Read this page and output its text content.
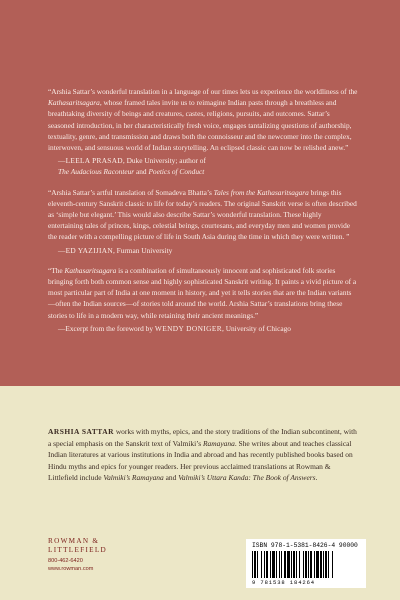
“Arshia Sattar’s wonderful translation in a language of our times lets us experience the worldliness of the Kathasaritsagara, whose framed tales invite us to reimagine Indian pasts through a breathless and breathtaking diversity of beings and creatures, castes, religions, pursuits, and outcomes. Sattar’s seasoned introduction, in her characteristically fresh voice, engages tantalizing questions of authorship, textuality, genre, and transmission and draws both the connoisseur and the newcomer into the complex, interwoven, and sensuous world of Indian storytelling. An eclipsed classic can now be relished anew.”

—LEELA PRASAD, Duke University; author of
The Audacious Raconteur and Poetics of Conduct

“Arshia Sattar’s artful translation of Somadeva Bhatta’s Tales from the Kathasaritsagara brings this eleventh-century Sanskrit classic to life for today’s readers. The original Sanskrit verse is often described as ‘simple but elegant.’ This would also describe Sattar’s wonderful translation. These highly entertaining tales of princes, kings, celestial beings, courtesans, and everyday men and women provide the reader with a compelling picture of life in South Asia during the time in which they were written. ”

—ED YAZIJIAN, Furman University

“The Kathasaritsagara is a combination of simultaneously innocent and sophisticated folk stories bringing forth both common sense and highly sophisticated Sanskrit writing. It paints a vivid picture of a most particular part of India at one moment in history, and yet it tells stories that are the Indian variants—often the Indian sources—of stories told around the world. Arshia Sattar’s translations bring these stories to life in a modern way, while retaining their ancient meanings.”

—Excerpt from the foreword by WENDY DONIGER, University of Chicago

ARSHIA SATTAR works with myths, epics, and the story traditions of the Indian subcontinent, with a special emphasis on the Sanskrit text of Valmiki’s Ramayana. She writes about and teaches classical Indian literatures at various institutions in India and abroad and has recently published books based on Hindu myths and epics for younger readers. Her previous acclaimed translations at Rowman & Littlefield include Valmiki’s Ramayana and Valmiki’s Uttara Kanda: The Book of Answers.

ROWMAN &
LITTLEFIELD
800-462-6420
www.rowman.com
ISBN 978-1-5381-8426-4 90000
9 781538 184264
